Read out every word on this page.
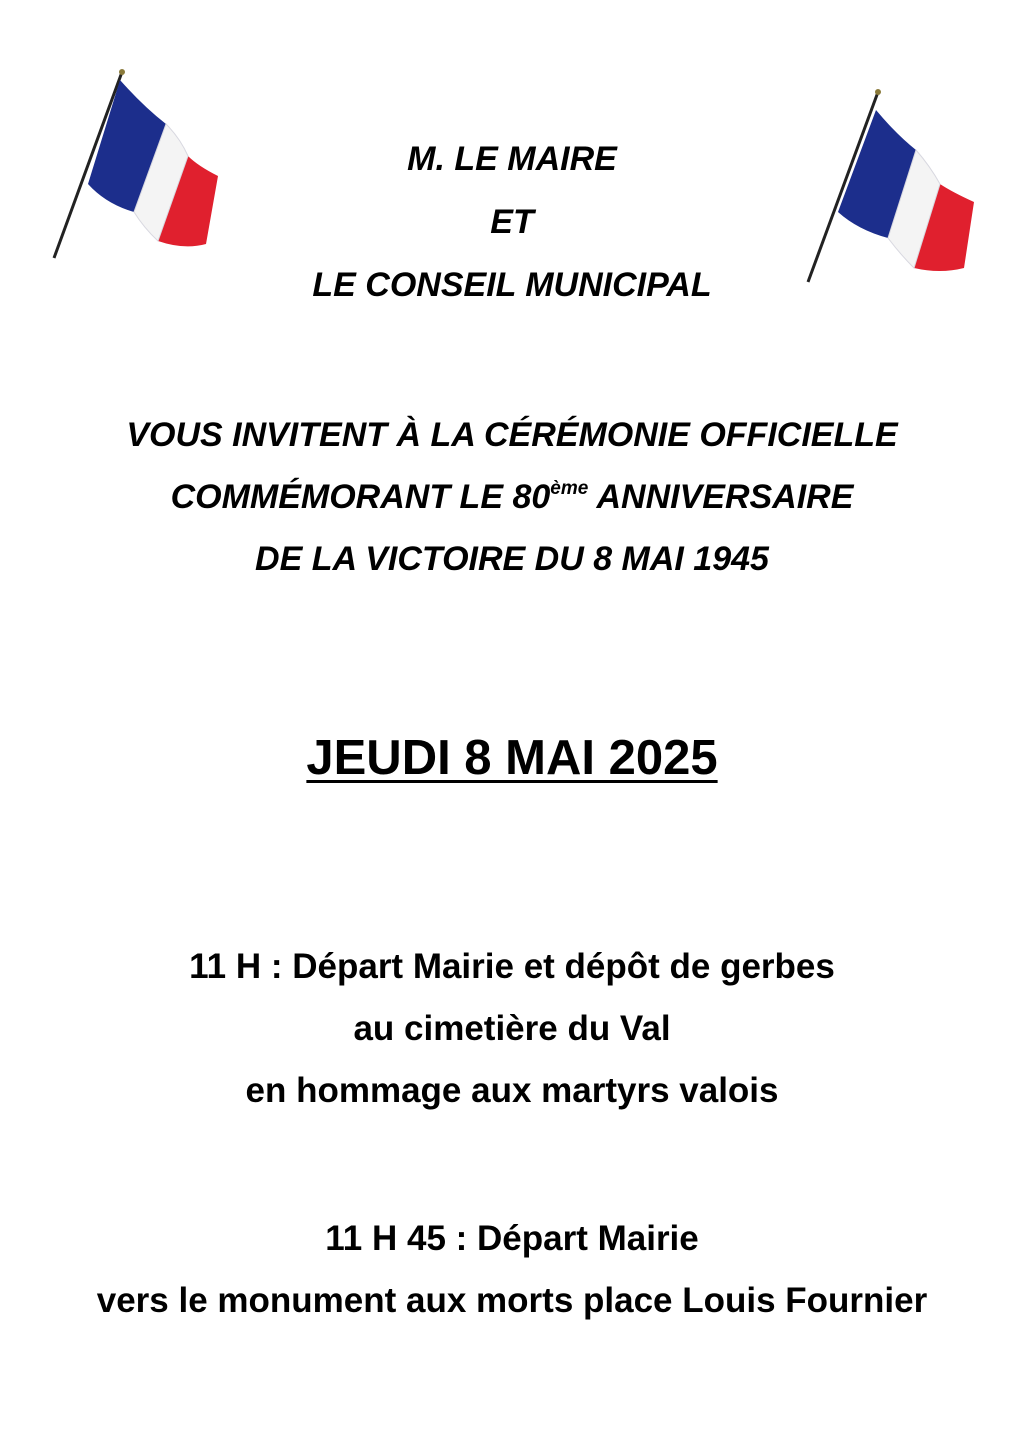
M. LE MAIRE
ET
LE CONSEIL MUNICIPAL
VOUS INVITENT À LA CÉRÉMONIE OFFICIELLE
COMMÉMORANT LE 80ème ANNIVERSAIRE
DE LA VICTOIRE DU 8 MAI 1945
JEUDI 8 MAI 2025
11 H : Départ Mairie et dépôt de gerbes
au cimetière du Val
en hommage aux martyrs valois
11 H 45 : Départ Mairie
vers le monument aux morts place Louis Fournier
